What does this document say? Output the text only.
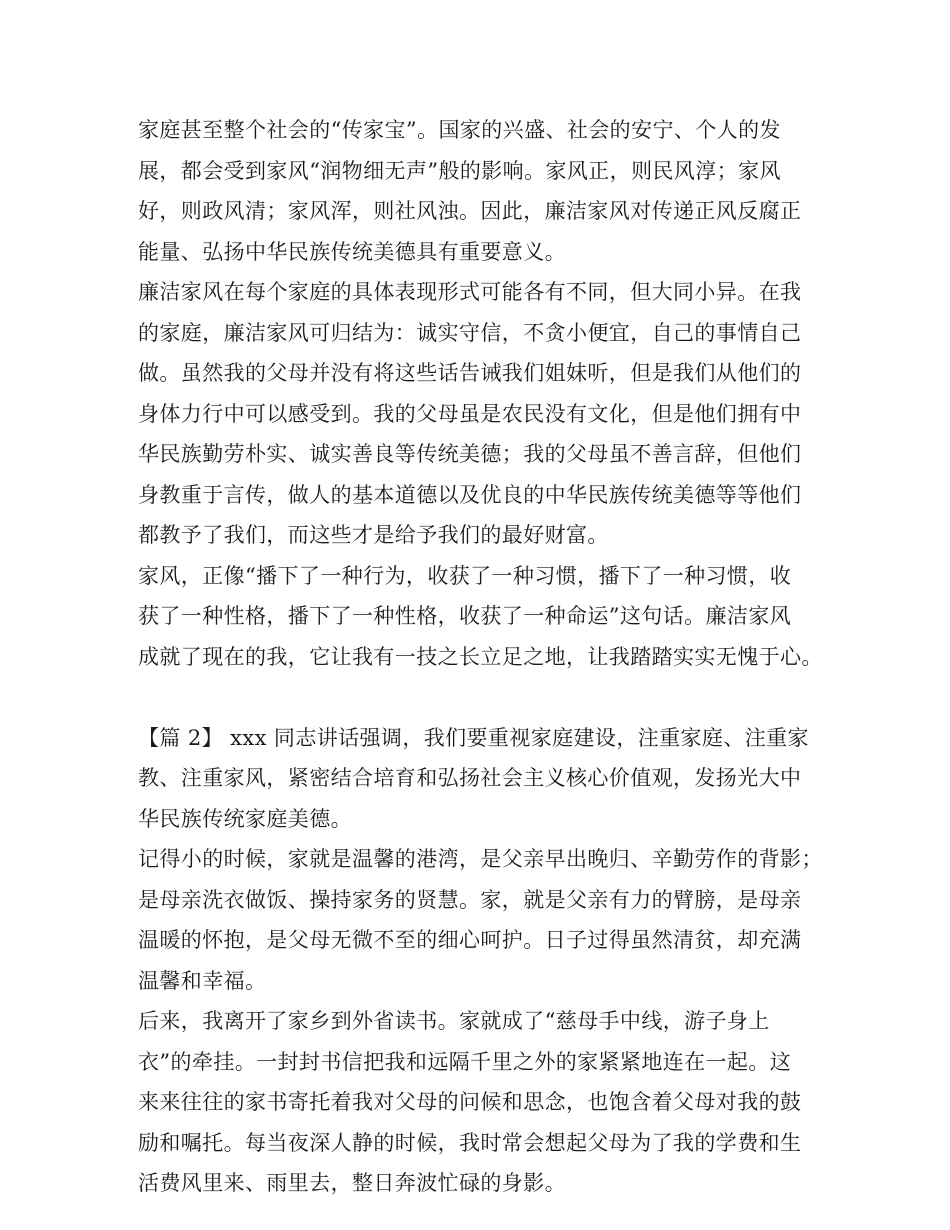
家庭甚至整个社会的“传家宝”。国家的兴盛、社会的安宁、个人的发
展，都会受到家风“润物细无声”般的影响。家风正，则民风淳；家风
好，则政风清；家风浑，则社风浊。因此，廉洁家风对传递正风反腐正
能量、弘扬中华民族传统美德具有重要意义。
廉洁家风在每个家庭的具体表现形式可能各有不同，但大同小异。在我
的家庭，廉洁家风可归结为：诚实守信，不贪小便宜，自己的事情自己
做。虽然我的父母并没有将这些话告诫我们姐妹听，但是我们从他们的
身体力行中可以感受到。我的父母虽是农民没有文化，但是他们拥有中
华民族勤劳朴实、诚实善良等传统美德；我的父母虽不善言辞，但他们
身教重于言传，做人的基本道德以及优良的中华民族传统美德等等他们
都教予了我们，而这些才是给予我们的最好财富。
家风，正像“播下了一种行为，收获了一种习惯，播下了一种习惯，收
获了一种性格，播下了一种性格，收获了一种命运”这句话。廉洁家风
成就了现在的我，它让我有一技之长立足之地，让我踏踏实实无愧于心。
【篇 2】 xxx 同志讲话强调，我们要重视家庭建设，注重家庭、注重家
教、注重家风，紧密结合培育和弘扬社会主义核心价值观，发扬光大中
华民族传统家庭美德。
记得小的时候，家就是温馨的港湾，是父亲早出晚归、辛勤劳作的背影；
是母亲洗衣做饭、操持家务的贤慧。家，就是父亲有力的臂膀，是母亲
温暖的怀抱，是父母无微不至的细心呵护。日子过得虽然清贫，却充满
温馨和幸福。
后来，我离开了家乡到外省读书。家就成了“慈母手中线，游子身上
衣”的牵挂。一封封书信把我和远隔千里之外的家紧紧地连在一起。这
来来往往的家书寄托着我对父母的问候和思念，也饱含着父母对我的鼓
励和嘱托。每当夜深人静的时候，我时常会想起父母为了我的学费和生
活费风里来、雨里去，整日奔波忙碌的身影。
